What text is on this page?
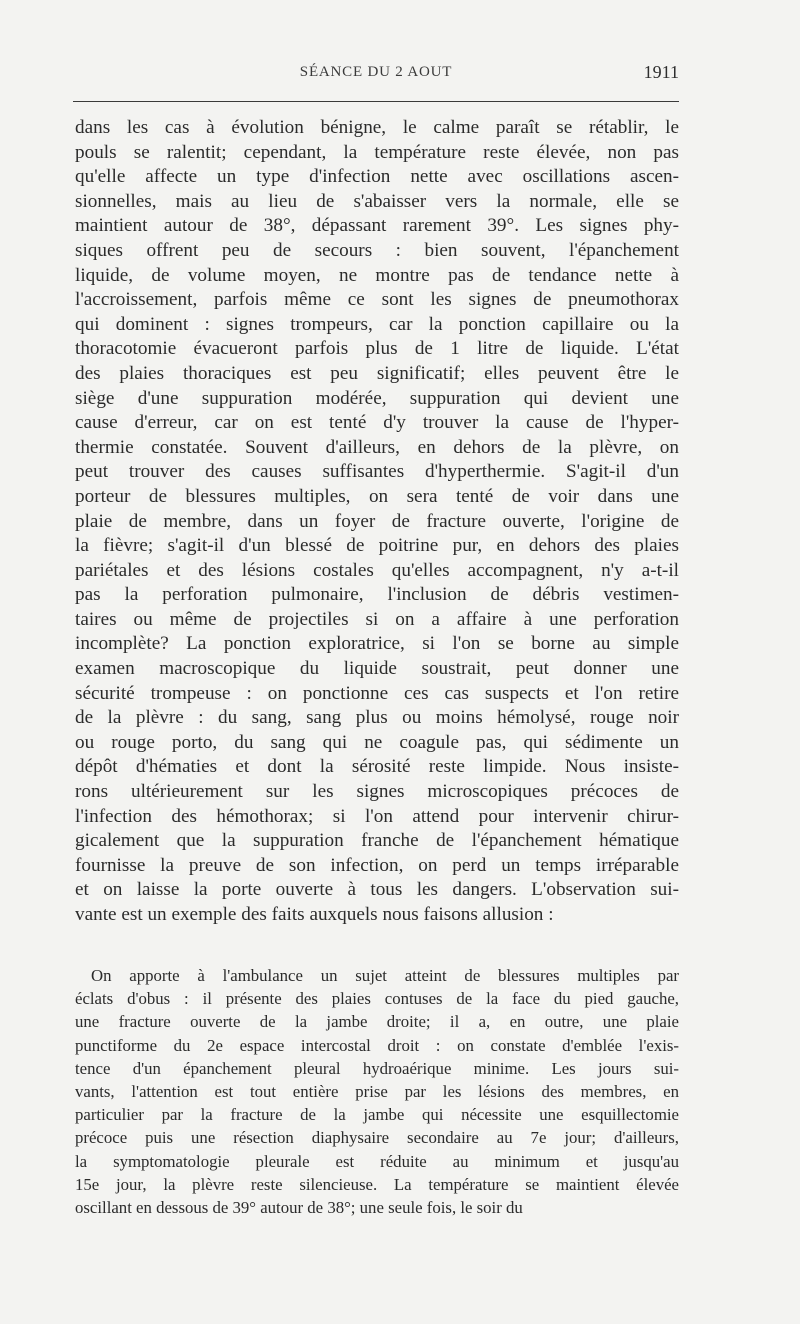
SÉANCE DU 2 AOUT	1911
dans les cas à évolution bénigne, le calme paraît se rétablir, le
pouls se ralentit; cependant, la température reste élevée, non pas
qu'elle affecte un type d'infection nette avec oscillations ascen-
sionnelles, mais au lieu de s'abaisser vers la normale, elle se
maintient autour de 38°, dépassant rarement 39°. Les signes phy-
siques offrent peu de secours : bien souvent, l'épanchement
liquide, de volume moyen, ne montre pas de tendance nette à
l'accroissement, parfois même ce sont les signes de pneumothorax
qui dominent : signes trompeurs, car la ponction capillaire ou la
thoracotomie évacueront parfois plus de 1 litre de liquide. L'état
des plaies thoraciques est peu significatif; elles peuvent être le
siège d'une suppuration modérée, suppuration qui devient une
cause d'erreur, car on est tenté d'y trouver la cause de l'hyper-
thermie constatée. Souvent d'ailleurs, en dehors de la plèvre, on
peut trouver des causes suffisantes d'hyperthermie. S'agit-il d'un
porteur de blessures multiples, on sera tenté de voir dans une
plaie de membre, dans un foyer de fracture ouverte, l'origine de
la fièvre; s'agit-il d'un blessé de poitrine pur, en dehors des plaies
pariétales et des lésions costales qu'elles accompagnent, n'y a-t-il
pas la perforation pulmonaire, l'inclusion de débris vestimen-
taires ou même de projectiles si on a affaire à une perforation
incomplète? La ponction exploratrice, si l'on se borne au simple
examen macroscopique du liquide soustrait, peut donner une
sécurité trompeuse : on ponctionne ces cas suspects et l'on retire
de la plèvre : du sang, sang plus ou moins hémolysé, rouge noir
ou rouge porto, du sang qui ne coagule pas, qui sédimente un
dépôt d'hématies et dont la sérosité reste limpide. Nous insiste-
rons ultérieurement sur les signes microscopiques précoces de
l'infection des hémothorax; si l'on attend pour intervenir chirur-
gicalement que la suppuration franche de l'épanchement hématique
fournisse la preuve de son infection, on perd un temps irréparable
et on laisse la porte ouverte à tous les dangers. L'observation sui-
vante est un exemple des faits auxquels nous faisons allusion :
On apporte à l'ambulance un sujet atteint de blessures multiples par
éclats d'obus : il présente des plaies contuses de la face du pied gauche,
une fracture ouverte de la jambe droite; il a, en outre, une plaie
punctiforme du 2e espace intercostal droit : on constate d'emblée l'exis-
tence d'un épanchement pleural hydroaérique minime. Les jours sui-
vants, l'attention est tout entière prise par les lésions des membres, en
particulier par la fracture de la jambe qui nécessite une esquillectomie
précoce puis une résection diaphysaire secondaire au 7e jour; d'ailleurs,
la symptomatologie pleurale est réduite au minimum et jusqu'au
15e jour, la plèvre reste silencieuse. La température se maintient élevée
oscillant en dessous de 39° autour de 38°; une seule fois, le soir du
